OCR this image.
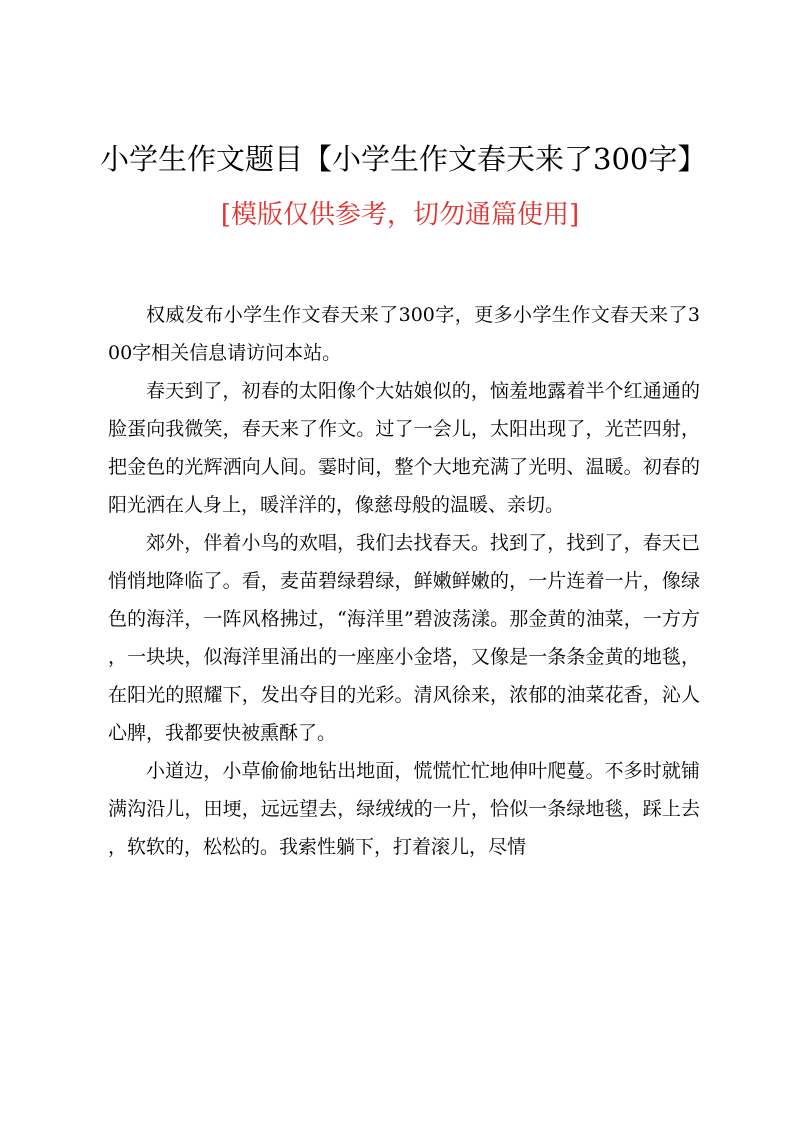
小学生作文题目【小学生作文春天来了300字】
[模版仅供参考，切勿通篇使用]

权威发布小学生作文春天来了300字，更多小学生作文春天来了300字相关信息请访问本站。

春天到了，初春的太阳像个大姑娘似的，恼羞地露着半个红通通的脸蛋向我微笑，春天来了作文。过了一会儿，太阳出现了，光芒四射，把金色的光辉洒向人间。霎时间，整个大地充满了光明、温暖。初春的阳光洒在人身上，暖洋洋的，像慈母般的温暖、亲切。

郊外，伴着小鸟的欢唱，我们去找春天。找到了，找到了，春天已悄悄地降临了。看，麦苗碧绿碧绿，鲜嫩鲜嫩的，一片连着一片，像绿色的海洋，一阵风格拂过，“海洋里”碧波荡漾。那金黄的油菜，一方方，一块块，似海洋里涌出的一座座小金塔，又像是一条条金黄的地毯，在阳光的照耀下，发出夺目的光彩。清风徐来，浓郁的油菜花香，沁人心脾，我都要快被熏酥了。

小道边，小草偷偷地钻出地面，慌慌忙忙地伸叶爬蔓。不多时就铺满沟沿儿，田埂，远远望去，绿绒绒的一片，恰似一条绿地毯，踩上去，软软的，松松的。我索性躺下，打着滚儿，尽情
